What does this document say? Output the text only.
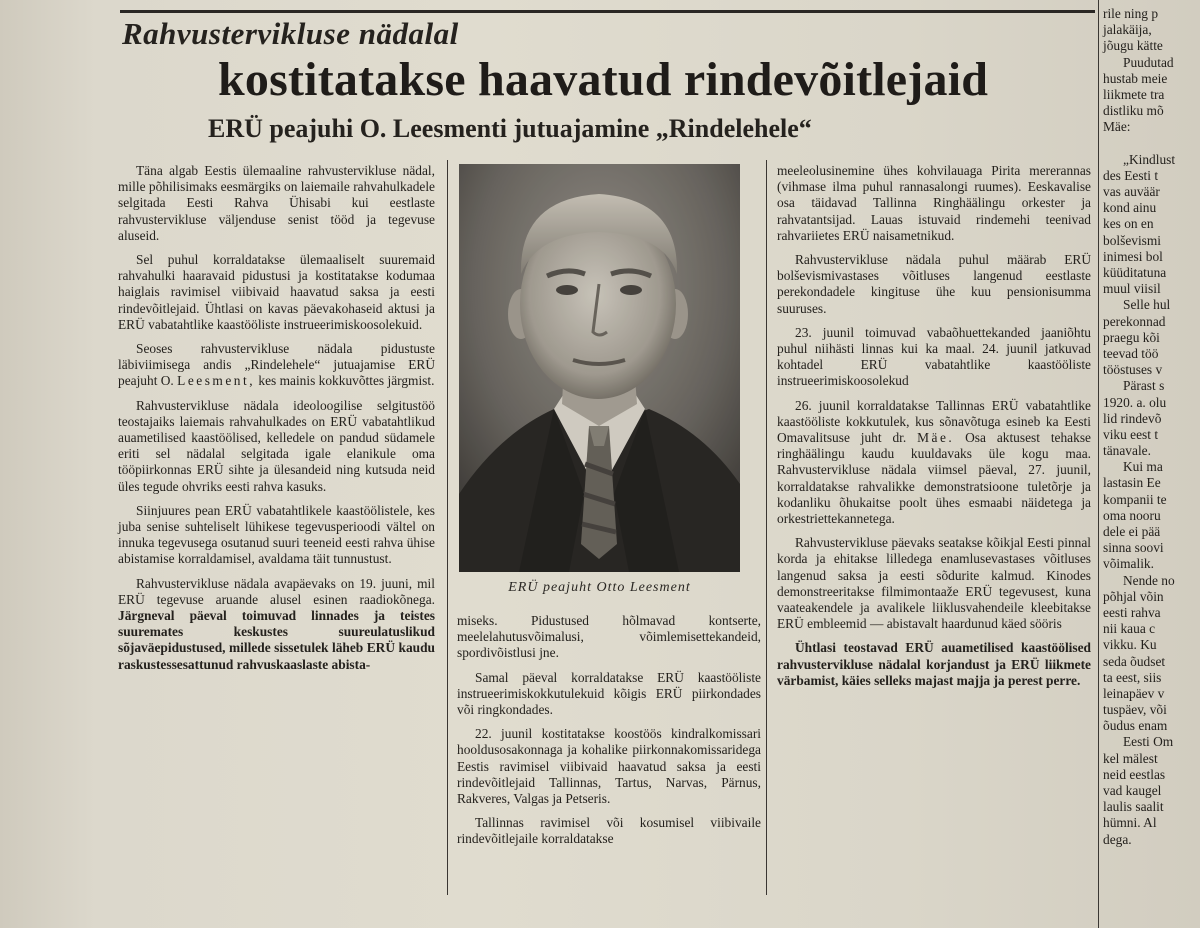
Rahvustervikluse nädalal
kostitatakse haavatud rindevõitlejaid
ERÜ peajuhi O. Leesmenti jutuajamine „Rindelehele“

Täna algab Eestis ülemaaline rahvustervikluse nädal, mille põhilisimaks eesmärgiks on laiemaile rahvahulkadele selgitada Eesti Rahva Ühisabi kui eestlaste rahvustervikluse väljenduse senist tööd ja tegevuse aluseid.

Sel puhul korraldatakse ülemaaliselt suuremaid rahvahulki haaravaid pidustusi ja kostitatakse kodumaa haiglais ravimisel viibivaid haavatud saksa ja eesti rindevõitlejaid. Ühtlasi on kavas päevakohaseid aktusi ja ERÜ vabatahtlike kaastööliste instrueerimiskoosolekuid.

Seoses rahvustervikluse nädala pidustuste läbiviimisega andis „Rindelehele“ jutuajamise ERÜ peajuht O. Leesment, kes mainis kokkuvõttes järgmist.

Rahvustervikluse nädala ideoloogilise selgitustöö teostajaiks laiemais rahvahulkades on ERÜ vabatahtlikud auametilised kaastöölised, kelledele on pandud südamele eriti sel nädalal selgitada igale elanikule oma tööpiirkonnas ERÜ sihte ja ülesandeid ning kutsuda neid üles tegude ohvriks eesti rahva kasuks.

Siinjuures pean ERÜ vabatahtlikele kaastöölistele, kes juba senise suhteliselt lühikese tegevusperioodi vältel on innuka tegevusega osutanud suuri teeneid eesti rahva ühise abistamise korraldamisel, avaldama täit tunnustust.

Rahvustervikluse nädala avapäevaks on 19. juuni, mil ERÜ tegevuse aruande alusel esinen raadiokõnega. Järgneval päeval toimuvad linnades ja teistes suuremates keskustes suureulatuslikud sõjaväepidustused, millede sissetulek läheb ERÜ kaudu raskustessesattunud rahvuskaaslaste abista-

ERÜ peajuht Otto Leesment

miseks. Pidustused hõlmavad kontserte, meelelahutusvõimalusi, võimlemisettekandeid, spordivõistlusi jne.

Samal päeval korraldatakse ERÜ kaastööliste instrueerimiskokkutulekuid kõigis ERÜ piirkondades või ringkondades.

22. juunil kostitatakse koostöös kindralkomissari hooldusosakonnaga ja kohalike piirkonnakomissaridega Eestis ravimisel viibivaid haavatud saksa ja eesti rindevõitlejaid Tallinnas, Tartus, Narvas, Pärnus, Rakveres, Valgas ja Petseris.

Tallinnas ravimisel või kosumisel viibivaile rindevõitlejaile korraldatakse

meeleolusinemine ühes kohvilauaga Pirita mererannas (vihmase ilma puhul rannasalongi ruumes). Eeskavalise osa täidavad Tallinna Ringhäälingu orkester ja rahvatantsijad. Lauas istuvaid rindemehi teenivad rahvariietes ERÜ naisametnikud.

Rahvustervikluse nädala puhul määrab ERÜ bolševismivastases võitluses langenud eestlaste perekondadele kingituse ühe kuu pensionisumma suuruses.

23. juunil toimuvad vabaõhuettekanded jaaniõhtu puhul niihästi linnas kui ka maal. 24. juunil jatkuvad kohtadel ERÜ vabatahtlike kaastööliste instrueerimiskoosolekud

26. juunil korraldatakse Tallinnas ERÜ vabatahtlike kaastööliste kokkutulek, kus sõnavõtuga esineb ka Eesti Omavalitsuse juht dr. Mäe. Osa aktusest tehakse ringhäälingu kaudu kuuldavaks üle kogu maa. Rahvustervikluse nädala viimsel päeval, 27. juunil, korraldatakse rahvalikke demonstratsioone tuletõrje ja kodanliku õhukaitse poolt ühes esmaabi näidetega ja orkestriettekannetega.

Rahvustervikluse päevaks seatakse kõikjal Eesti pinnal korda ja ehitakse lilledega enamlusevastases võitluses langenud saksa ja eesti sõdurite kalmud. Kinodes demonstreeritakse filmimontaaže ERÜ tegevusest, kuna vaateakendele ja avalikele liiklusvahendeile kleebitakse ERÜ embleemid — abistavalt haardunud käed sööris

Ühtlasi teostavad ERÜ auametilised kaastöölised rahvustervikluse nädalal korjandust ja ERÜ liikmete värbamist, käies selleks majast majja ja perest perre.

rile ning p
jalakäija,
jõugu kätte
Puudutad
hustab meie
liikmete tra
distliku mõ
Mäe:
„Kindlust
des Eesti t
vas auväär
kond ainu
kes on en
bolševismi
inimesi bol
küüditatuna
muul viisil
Selle hul
perekonnad
praegu kõi
teevad töö
tööstuses v
Pärast s
1920. a. olu
lid rindevõ
viku eest t
tänavale.
Kui ma
lastasin Ee
kompanii te
oma nooru
dele ei pää
sinna soovi
võimalik.
Nende no
põhjal võin
eesti rahva
nii kaua c
vikku. Ku
seda õudset
ta eest, siis
leinapäev v
tuspäev, või
õudus enam
Eesti Om
kel mälest
neid eestlas
vad kaugel
laulis saalit
hümni. Al
dega.
